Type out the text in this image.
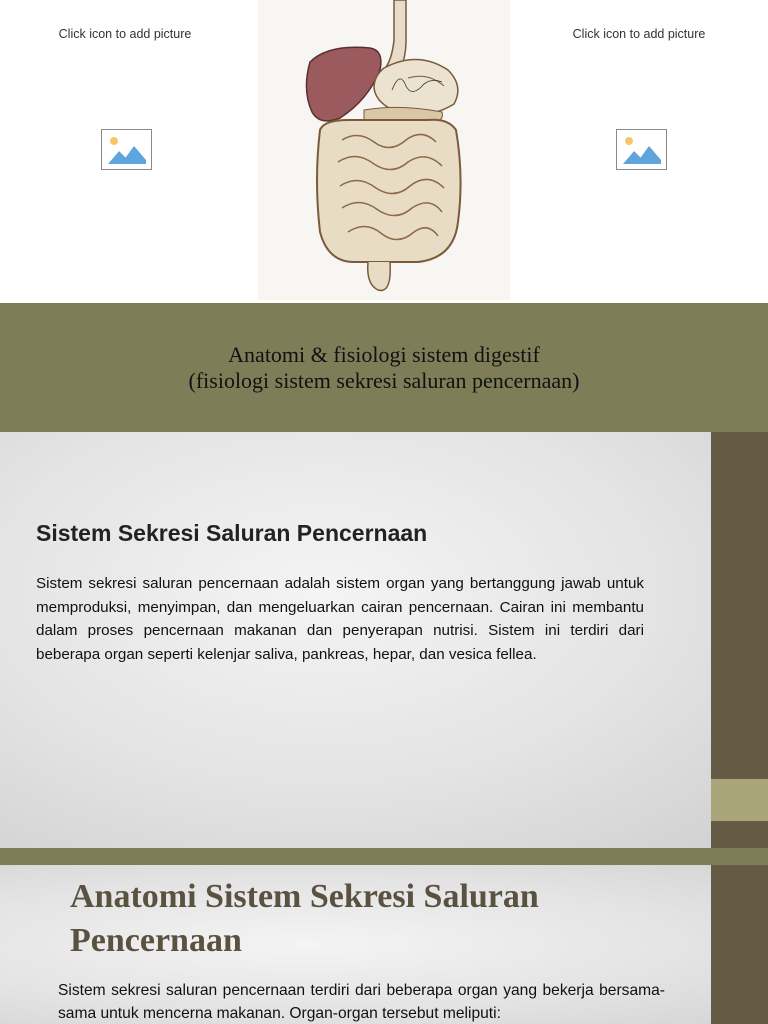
Click icon to add picture	Click icon to add picture
Anatomi & fisiologi sistem digestif
(fisiologi sistem sekresi saluran pencernaan)
Sistem Sekresi Saluran Pencernaan
Sistem sekresi saluran pencernaan adalah sistem organ yang bertanggung jawab untuk memproduksi, menyimpan, dan mengeluarkan cairan pencernaan. Cairan ini membantu dalam proses pencernaan makanan dan penyerapan nutrisi. Sistem ini terdiri dari beberapa organ seperti kelenjar saliva, pankreas, hepar, dan vesica fellea.
Anatomi Sistem Sekresi Saluran Pencernaan
Sistem sekresi saluran pencernaan terdiri dari beberapa organ yang bekerja bersama-sama untuk mencerna makanan. Organ-organ tersebut meliputi:
